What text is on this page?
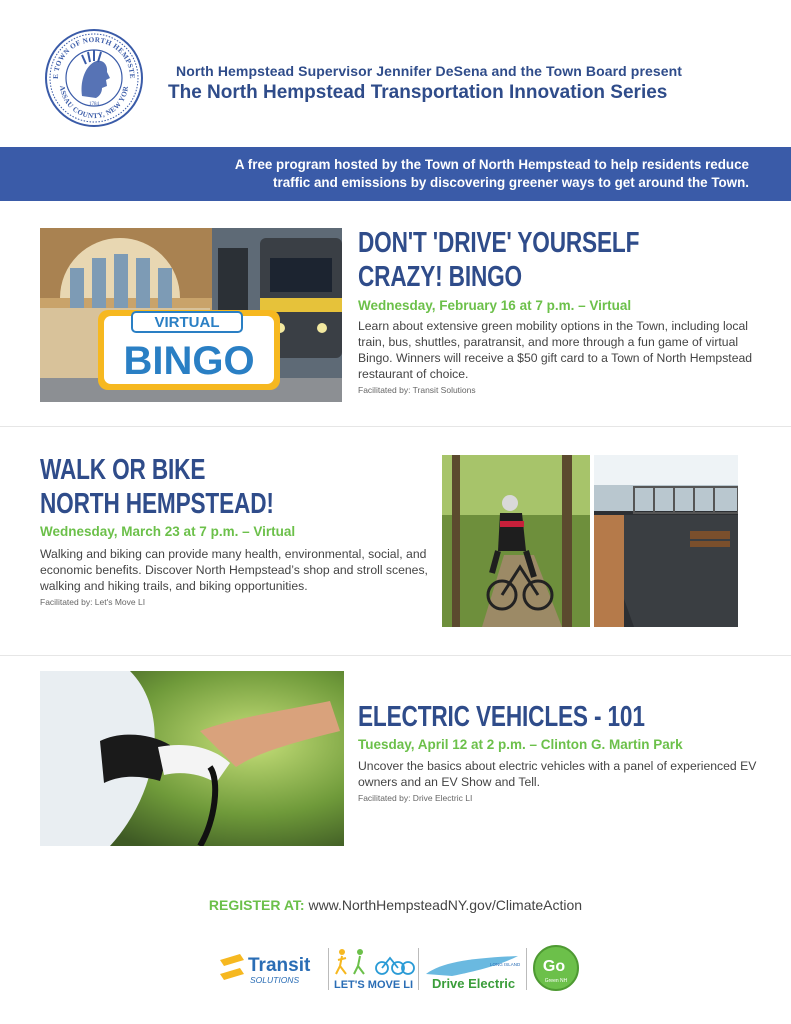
E TOWN OF NORTH HEMPSTE
ASSAU COUNTY, NEW YOR
1784
North Hempstead Supervisor Jennifer DeSena and the Town Board present
The North Hempstead Transportation Innovation Series
A free program hosted by the Town of North Hempstead to help residents reduce
traffic and emissions by discovering greener ways to get around the Town.
VIRTUAL
BINGO
DON'T 'DRIVE' YOURSELF
CRAZY! BINGO
Wednesday, February 16 at 7 p.m. – Virtual
Learn about extensive green mobility options in the Town, including local train, bus, shuttles, paratransit, and more through a fun game of virtual Bingo. Winners will receive a $50 gift card to a Town of North Hempstead restaurant of choice.
Facilitated by: Transit Solutions
WALK OR BIKE
NORTH HEMPSTEAD!
Wednesday, March 23 at 7 p.m. – Virtual
Walking and biking can provide many health, environmental, social, and economic benefits. Discover North Hempstead’s shop and stroll scenes, walking and hiking trails, and biking opportunities.
Facilitated by: Let's Move LI
ELECTRIC VEHICLES - 101
Tuesday, April 12 at 2 p.m. – Clinton G. Martin Park
Uncover the basics about electric vehicles with a panel of experienced EV owners and an EV Show and Tell.
Facilitated by: Drive Electric LI
REGISTER AT: www.NorthHempsteadNY.gov/ClimateAction
Transit
SOLUTIONS	LET'S MOVE LI
LONG ISLAND
Drive Electric
Go
Green NH
